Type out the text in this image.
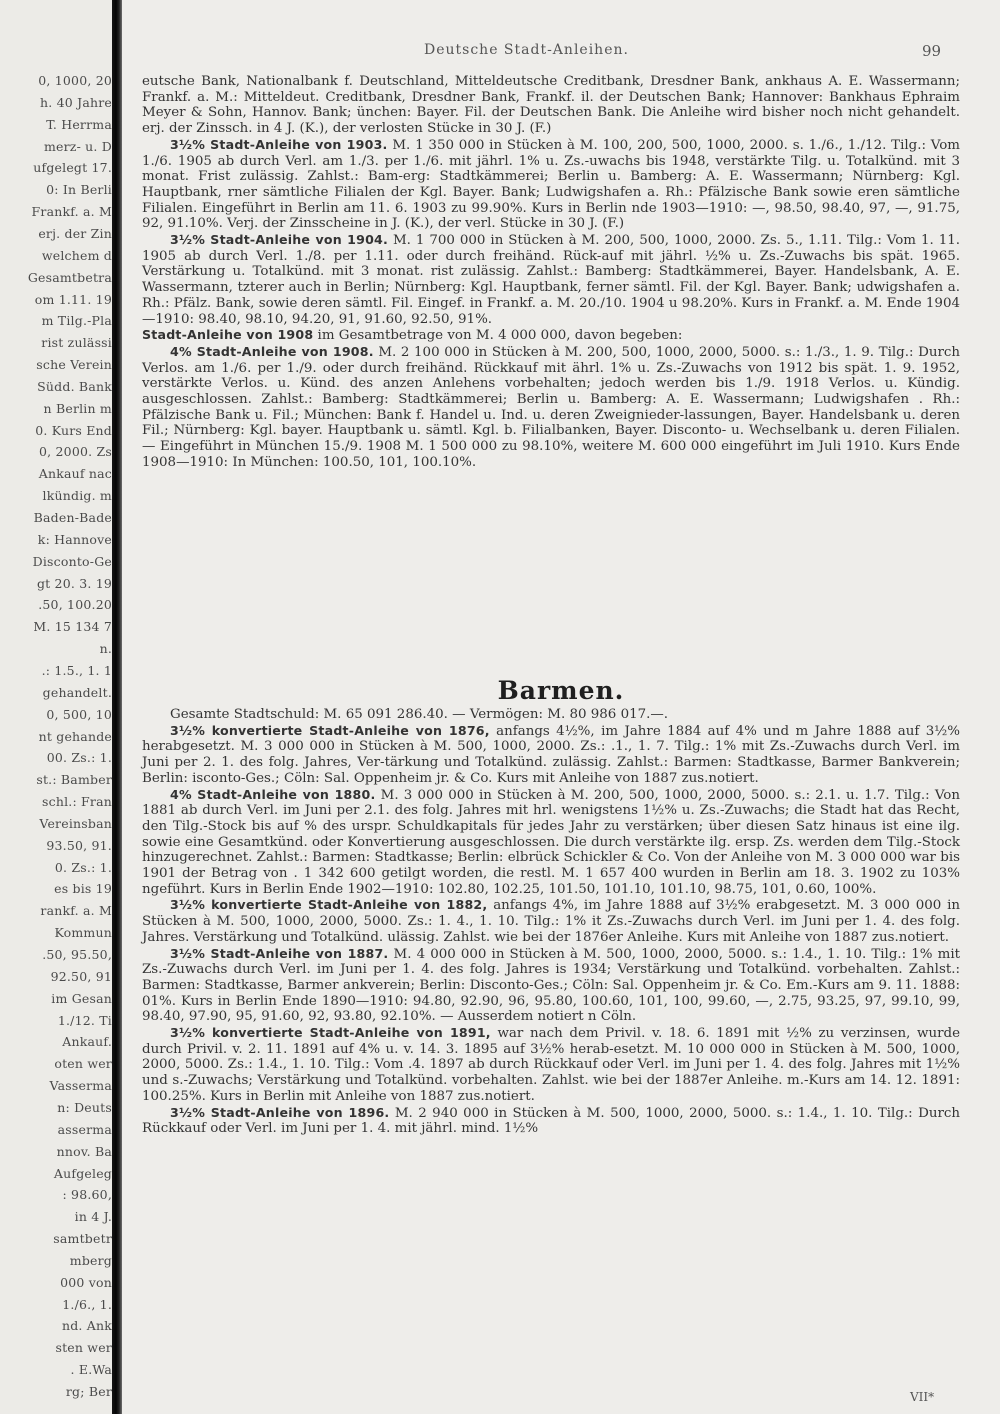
0, 1000, 20
h. 40 Jahre
T. Herrma
merz- u. D
ufgelegt 17.
0: In Berli
Frankf. a. M
erj. der Zin
welchem d
Gesamtbetra
om 1.11. 19
m Tilg.-Pla
rist zulässi
sche Verein
Südd. Bank
n Berlin m
0. Kurs End
0, 2000. Zs
Ankauf nac
lkündig. m
Baden-Bade
k: Hannove
Disconto-Ge
gt 20. 3. 19
.50, 100.20
M. 15 134 7
n.
.: 1.5., 1. 1
gehandelt.
0, 500, 10
nt gehande
00. Zs.: 1.
st.: Bamber
schl.: Fran
Vereinsban
93.50, 91.
0. Zs.: 1.
es bis 19
rankf. a. M
Kommun
.50, 95.50,
92.50, 91
im Gesan
1./12. Ti
Ankauf.
oten wer
Vasserma
n: Deuts
asserma
nnov. Ba
Aufgeleg
: 98.60,
in 4 J.
samtbetr
mberg
000 von
1./6., 1.
nd. Ank
sten wer
. E.Wa
rg; Ber
Deutsche Stadt-Anleihen.	99

eutsche Bank, Nationalbank f. Deutschland, Mitteldeutsche Creditbank, Dresdner Bank, ankhaus A. E. Wassermann; Frankf. a. M.: Mitteldeut. Creditbank, Dresdner Bank, Frankf. il. der Deutschen Bank; Hannover: Bankhaus Ephraim Meyer & Sohn, Hannov. Bank; ünchen: Bayer. Fil. der Deutschen Bank. Die Anleihe wird bisher noch nicht gehandelt. erj. der Zinssch. in 4 J. (K.), der verlosten Stücke in 30 J. (F.)

3½% Stadt-Anleihe von 1903. M. 1 350 000 in Stücken à M. 100, 200, 500, 1000, 2000. s. 1./6., 1./12. Tilg.: Vom 1./6. 1905 ab durch Verl. am 1./3. per 1./6. mit jährl. 1% u. Zs.-uwachs bis 1948, verstärkte Tilg. u. Totalkünd. mit 3 monat. Frist zulässig. Zahlst.: Bam-erg: Stadtkämmerei; Berlin u. Bamberg: A. E. Wassermann; Nürnberg: Kgl. Hauptbank, rner sämtliche Filialen der Kgl. Bayer. Bank; Ludwigshafen a. Rh.: Pfälzische Bank sowie eren sämtliche Filialen. Eingeführt in Berlin am 11. 6. 1903 zu 99.90%. Kurs in Berlin nde 1903—1910: —, 98.50, 98.40, 97, —, 91.75, 92, 91.10%. Verj. der Zinsscheine in J. (K.), der verl. Stücke in 30 J. (F.)

3½% Stadt-Anleihe von 1904. M. 1 700 000 in Stücken à M. 200, 500, 1000, 2000. Zs. 5., 1.11. Tilg.: Vom 1. 11. 1905 ab durch Verl. 1./8. per 1.11. oder durch freihänd. Rück-auf mit jährl. ½% u. Zs.-Zuwachs bis spät. 1965. Verstärkung u. Totalkünd. mit 3 monat. rist zulässig. Zahlst.: Bamberg: Stadtkämmerei, Bayer. Handelsbank, A. E. Wassermann, tzterer auch in Berlin; Nürnberg: Kgl. Hauptbank, ferner sämtl. Fil. der Kgl. Bayer. Bank; udwigshafen a. Rh.: Pfälz. Bank, sowie deren sämtl. Fil. Eingef. in Frankf. a. M. 20./10. 1904 u 98.20%. Kurs in Frankf. a. M. Ende 1904—1910: 98.40, 98.10, 94.20, 91, 91.60, 92.50, 91%.

Stadt-Anleihe von 1908 im Gesamtbetrage von M. 4 000 000, davon begeben:

4% Stadt-Anleihe von 1908. M. 2 100 000 in Stücken à M. 200, 500, 1000, 2000, 5000. s.: 1./3., 1. 9. Tilg.: Durch Verlos. am 1./6. per 1./9. oder durch freihänd. Rückkauf mit ährl. 1% u. Zs.-Zuwachs von 1912 bis spät. 1. 9. 1952, verstärkte Verlos. u. Künd. des anzen Anlehens vorbehalten; jedoch werden bis 1./9. 1918 Verlos. u. Kündig. ausgeschlossen. Zahlst.: Bamberg: Stadtkämmerei; Berlin u. Bamberg: A. E. Wassermann; Ludwigshafen . Rh.: Pfälzische Bank u. Fil.; München: Bank f. Handel u. Ind. u. deren Zweignieder-lassungen, Bayer. Handelsbank u. deren Fil.; Nürnberg: Kgl. bayer. Hauptbank u. sämtl. Kgl. b. Filialbanken, Bayer. Disconto- u. Wechselbank u. deren Filialen. — Eingeführt in München 15./9. 1908 M. 1 500 000 zu 98.10%, weitere M. 600 000 eingeführt im Juli 1910. Kurs Ende 1908—1910: In München: 100.50, 101, 100.10%.

Barmen.

Gesamte Stadtschuld: M. 65 091 286.40. — Vermögen: M. 80 986 017.—.

3½% konvertierte Stadt-Anleihe von 1876, anfangs 4½%, im Jahre 1884 auf 4% und m Jahre 1888 auf 3½% herabgesetzt. M. 3 000 000 in Stücken à M. 500, 1000, 2000. Zs.: .1., 1. 7. Tilg.: 1% mit Zs.-Zuwachs durch Verl. im Juni per 2. 1. des folg. Jahres, Ver-tärkung und Totalkünd. zulässig. Zahlst.: Barmen: Stadtkasse, Barmer Bankverein; Berlin: isconto-Ges.; Cöln: Sal. Oppenheim jr. & Co. Kurs mit Anleihe von 1887 zus.notiert.

4% Stadt-Anleihe von 1880. M. 3 000 000 in Stücken à M. 200, 500, 1000, 2000, 5000. s.: 2.1. u. 1.7. Tilg.: Von 1881 ab durch Verl. im Juni per 2.1. des folg. Jahres mit hrl. wenigstens 1½% u. Zs.-Zuwachs; die Stadt hat das Recht, den Tilg.-Stock bis auf % des urspr. Schuldkapitals für jedes Jahr zu verstärken; über diesen Satz hinaus ist eine ilg. sowie eine Gesamtkünd. oder Konvertierung ausgeschlossen. Die durch verstärkte ilg. ersp. Zs. werden dem Tilg.-Stock hinzugerechnet. Zahlst.: Barmen: Stadtkasse; Berlin: elbrück Schickler & Co. Von der Anleihe von M. 3 000 000 war bis 1901 der Betrag von . 1 342 600 getilgt worden, die restl. M. 1 657 400 wurden in Berlin am 18. 3. 1902 zu 103% ngeführt. Kurs in Berlin Ende 1902—1910: 102.80, 102.25, 101.50, 101.10, 101.10, 98.75, 101, 0.60, 100%.

3½% konvertierte Stadt-Anleihe von 1882, anfangs 4%, im Jahre 1888 auf 3½% erabgesetzt. M. 3 000 000 in Stücken à M. 500, 1000, 2000, 5000. Zs.: 1. 4., 1. 10. Tilg.: 1% it Zs.-Zuwachs durch Verl. im Juni per 1. 4. des folg. Jahres. Verstärkung und Totalkünd. ulässig. Zahlst. wie bei der 1876er Anleihe. Kurs mit Anleihe von 1887 zus.notiert.

3½% Stadt-Anleihe von 1887. M. 4 000 000 in Stücken à M. 500, 1000, 2000, 5000. s.: 1.4., 1. 10. Tilg.: 1% mit Zs.-Zuwachs durch Verl. im Juni per 1. 4. des folg. Jahres is 1934; Verstärkung und Totalkünd. vorbehalten. Zahlst.: Barmen: Stadtkasse, Barmer ankverein; Berlin: Disconto-Ges.; Cöln: Sal. Oppenheim jr. & Co. Em.-Kurs am 9. 11. 1888: 01%. Kurs in Berlin Ende 1890—1910: 94.80, 92.90, 96, 95.80, 100.60, 101, 100, 99.60, —, 2.75, 93.25, 97, 99.10, 99, 98.40, 97.90, 95, 91.60, 92, 93.80, 92.10%. — Ausserdem notiert n Cöln.

3½% konvertierte Stadt-Anleihe von 1891, war nach dem Privil. v. 18. 6. 1891 mit ½% zu verzinsen, wurde durch Privil. v. 2. 11. 1891 auf 4% u. v. 14. 3. 1895 auf 3½% herab-esetzt. M. 10 000 000 in Stücken à M. 500, 1000, 2000, 5000. Zs.: 1.4., 1. 10. Tilg.: Vom .4. 1897 ab durch Rückkauf oder Verl. im Juni per 1. 4. des folg. Jahres mit 1½% und s.-Zuwachs; Verstärkung und Totalkünd. vorbehalten. Zahlst. wie bei der 1887er Anleihe. m.-Kurs am 14. 12. 1891: 100.25%. Kurs in Berlin mit Anleihe von 1887 zus.notiert.

3½% Stadt-Anleihe von 1896. M. 2 940 000 in Stücken à M. 500, 1000, 2000, 5000. s.: 1.4., 1. 10. Tilg.: Durch Rückkauf oder Verl. im Juni per 1. 4. mit jährl. mind. 1½%

VII*
